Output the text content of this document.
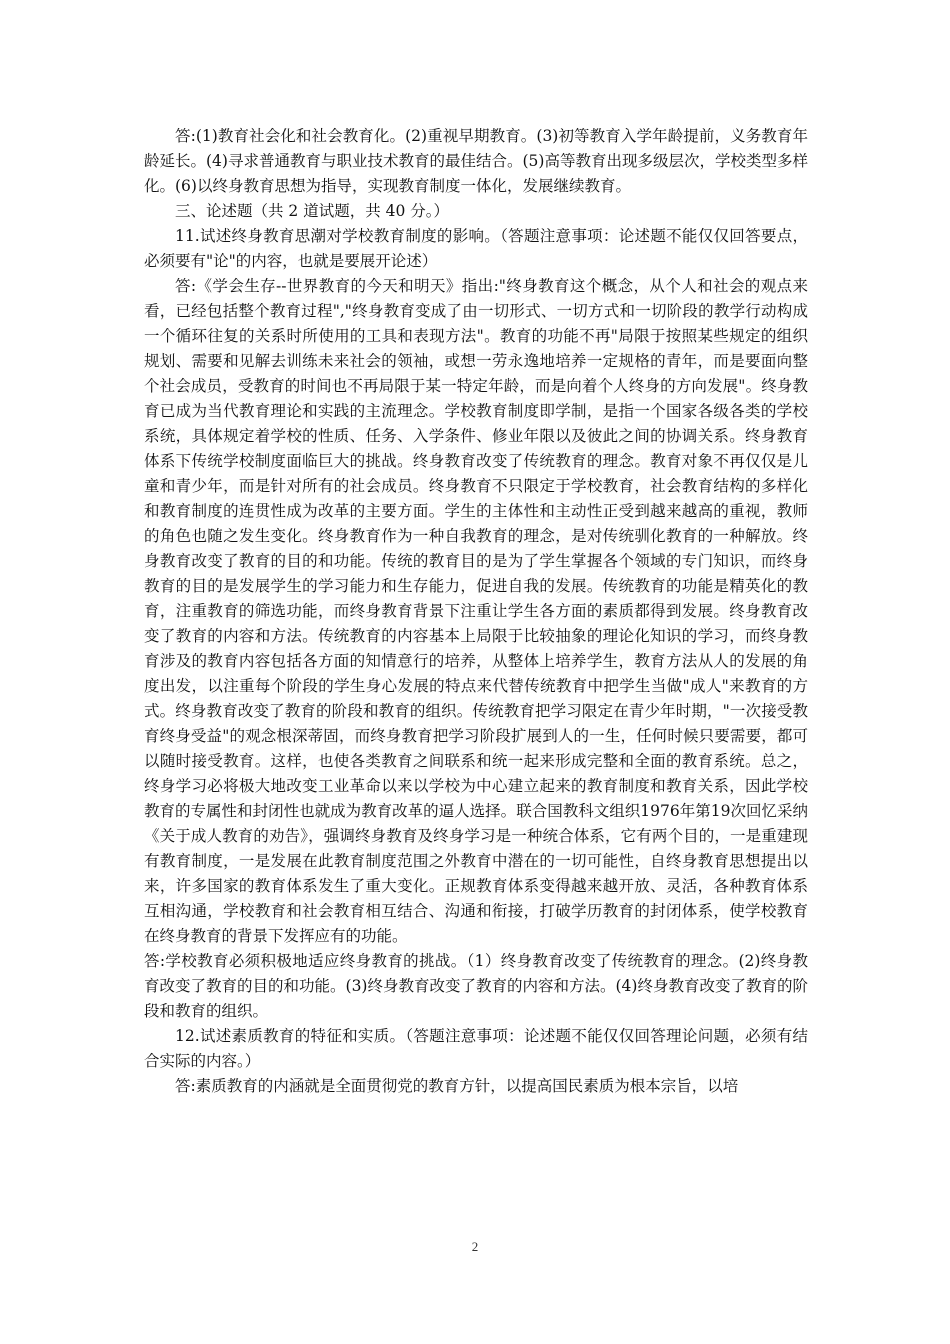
答:(1)教育社会化和社会教育化。(2)重视早期教育。(3)初等教育入学年龄提前，义务教育年龄延长。(4)寻求普通教育与职业技术教育的最佳结合。(5)高等教育出现多级层次，学校类型多样化。(6)以终身教育思想为指导，实现教育制度一体化，发展继续教育。

三、论述题（共 2 道试题，共 40 分。）

11.试述终身教育思潮对学校教育制度的影响。（答题注意事项：论述题不能仅仅回答要点，必须要有"论"的内容，也就是要展开论述）

答:《学会生存--世界教育的今天和明天》指出:"终身教育这个概念，从个人和社会的观点来看，已经包括整个教育过程","终身教育变成了由一切形式、一切方式和一切阶段的教学行动构成一个循环往复的关系时所使用的工具和表现方法"。教育的功能不再"局限于按照某些规定的组织规划、需要和见解去训练未来社会的领袖，或想一劳永逸地培养一定规格的青年，而是要面向整个社会成员，受教育的时间也不再局限于某一特定年龄，而是向着个人终身的方向发展"。终身教育已成为当代教育理论和实践的主流理念。学校教育制度即学制，是指一个国家各级各类的学校系统，具体规定着学校的性质、任务、入学条件、修业年限以及彼此之间的协调关系。终身教育体系下传统学校制度面临巨大的挑战。终身教育改变了传统教育的理念。教育对象不再仅仅是儿童和青少年，而是针对所有的社会成员。终身教育不只限定于学校教育，社会教育结构的多样化和教育制度的连贯性成为改革的主要方面。学生的主体性和主动性正受到越来越高的重视，教师的角色也随之发生变化。终身教育作为一种自我教育的理念，是对传统驯化教育的一种解放。终身教育改变了教育的目的和功能。传统的教育目的是为了学生掌握各个领域的专门知识，而终身教育的目的是发展学生的学习能力和生存能力，促进自我的发展。传统教育的功能是精英化的教育，注重教育的筛选功能，而终身教育背景下注重让学生各方面的素质都得到发展。终身教育改变了教育的内容和方法。传统教育的内容基本上局限于比较抽象的理论化知识的学习，而终身教育涉及的教育内容包括各方面的知情意行的培养，从整体上培养学生，教育方法从人的发展的角度出发，以注重每个阶段的学生身心发展的特点来代替传统教育中把学生当做"成人"来教育的方式。终身教育改变了教育的阶段和教育的组织。传统教育把学习限定在青少年时期，"一次接受教育终身受益"的观念根深蒂固，而终身教育把学习阶段扩展到人的一生，任何时候只要需要，都可以随时接受教育。这样，也使各类教育之间联系和统一起来形成完整和全面的教育系统。总之，终身学习必将极大地改变工业革命以来以学校为中心建立起来的教育制度和教育关系，因此学校教育的专属性和封闭性也就成为教育改革的逼人选择。联合国教科文组织1976年第19次回忆采纳《关于成人教育的劝告》，强调终身教育及终身学习是一种统合体系，它有两个目的，一是重建现有教育制度，一是发展在此教育制度范围之外教育中潜在的一切可能性，自终身教育思想提出以来，许多国家的教育体系发生了重大变化。正规教育体系变得越来越开放、灵活，各种教育体系互相沟通，学校教育和社会教育相互结合、沟通和衔接，打破学历教育的封闭体系，使学校教育在终身教育的背景下发挥应有的功能。

答:学校教育必须积极地适应终身教育的挑战。（1）终身教育改变了传统教育的理念。(2)终身教育改变了教育的目的和功能。(3)终身教育改变了教育的内容和方法。(4)终身教育改变了教育的阶段和教育的组织。

12.试述素质教育的特征和实质。（答题注意事项：论述题不能仅仅回答理论问题，必须有结合实际的内容。）

答:素质教育的内涵就是全面贯彻党的教育方针，以提高国民素质为根本宗旨，以培

2
